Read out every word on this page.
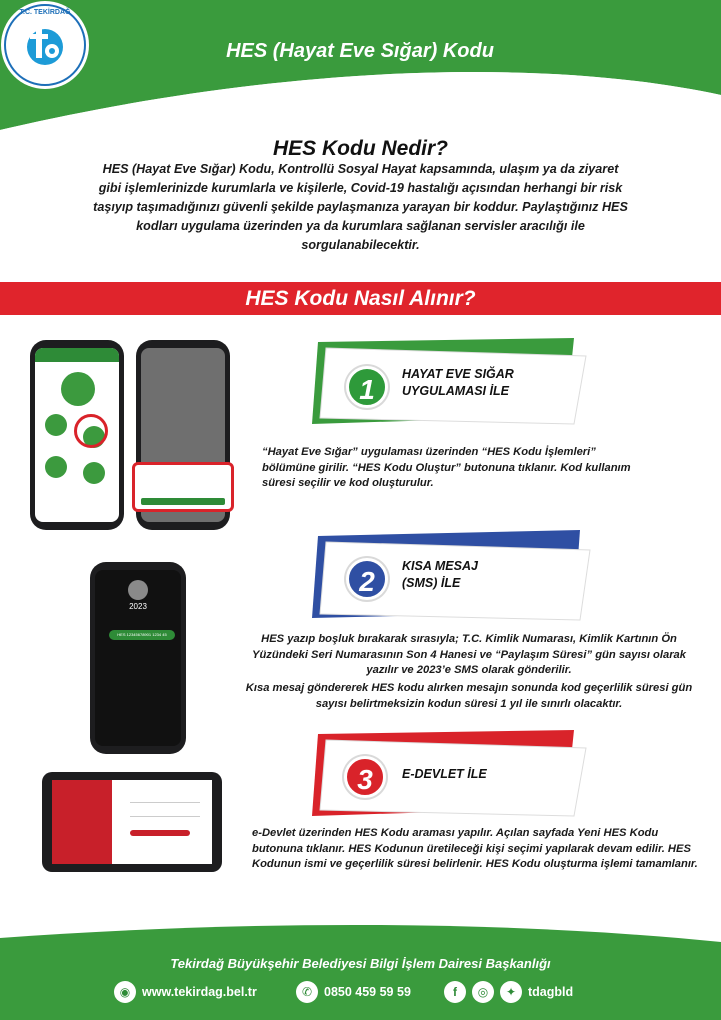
HES (Hayat Eve Sığar) Kodu
T.C. TEKİRDAĞ
HES Kodu Nedir?
HES (Hayat Eve Sığar) Kodu, Kontrollü Sosyal Hayat kapsamında, ulaşım ya da ziyaret gibi işlemlerinizde kurumlarla ve kişilerle, Covid-19 hastalığı açısından herhangi bir risk taşıyıp taşımadığınızı güvenli şekilde paylaşmanıza yarayan bir koddur. Paylaştığınız HES kodları uygulama üzerinden ya da kurumlara sağlanan servisler aracılığı ile sorgulanabilecektir.
HES Kodu Nasıl Alınır?
1	HAYAT EVE SIĞAR
UYGULAMASI İLE
“Hayat Eve Sığar” uygulaması üzerinden “HES Kodu İşlemleri” bölümüne girilir. “HES Kodu Oluştur” butonuna tıklanır. Kod kullanım süresi seçilir ve kod oluşturulur.
2023
HES 12345678901 1234 45
2	KISA MESAJ
(SMS) İLE
HES yazıp boşluk bırakarak sırasıyla; T.C. Kimlik Numarası, Kimlik Kartının Ön Yüzündeki Seri Numarasının Son 4 Hanesi ve “Paylaşım Süresi” gün sayısı olarak yazılır ve 2023’e SMS olarak gönderilir.
Kısa mesaj göndererek HES kodu alırken mesajın sonunda kod geçerlilik süresi gün sayısı belirtmeksizin kodun süresi 1 yıl ile sınırlı olacaktır.
3	E-DEVLET İLE
e-Devlet üzerinden HES Kodu araması yapılır. Açılan sayfada Yeni HES Kodu butonuna tıklanır. HES Kodunun üretileceği kişi seçimi yapılarak devam edilir. HES Kodunun ismi ve geçerlilik süresi belirlenir. HES Kodu oluşturma işlemi tamamlanır.
Tekirdağ Büyükşehir Belediyesi Bilgi İşlem Dairesi Başkanlığı
◉ www.tekirdag.bel.tr	✆ 0850 459 59 59	f	◎	✦ tdagbld
